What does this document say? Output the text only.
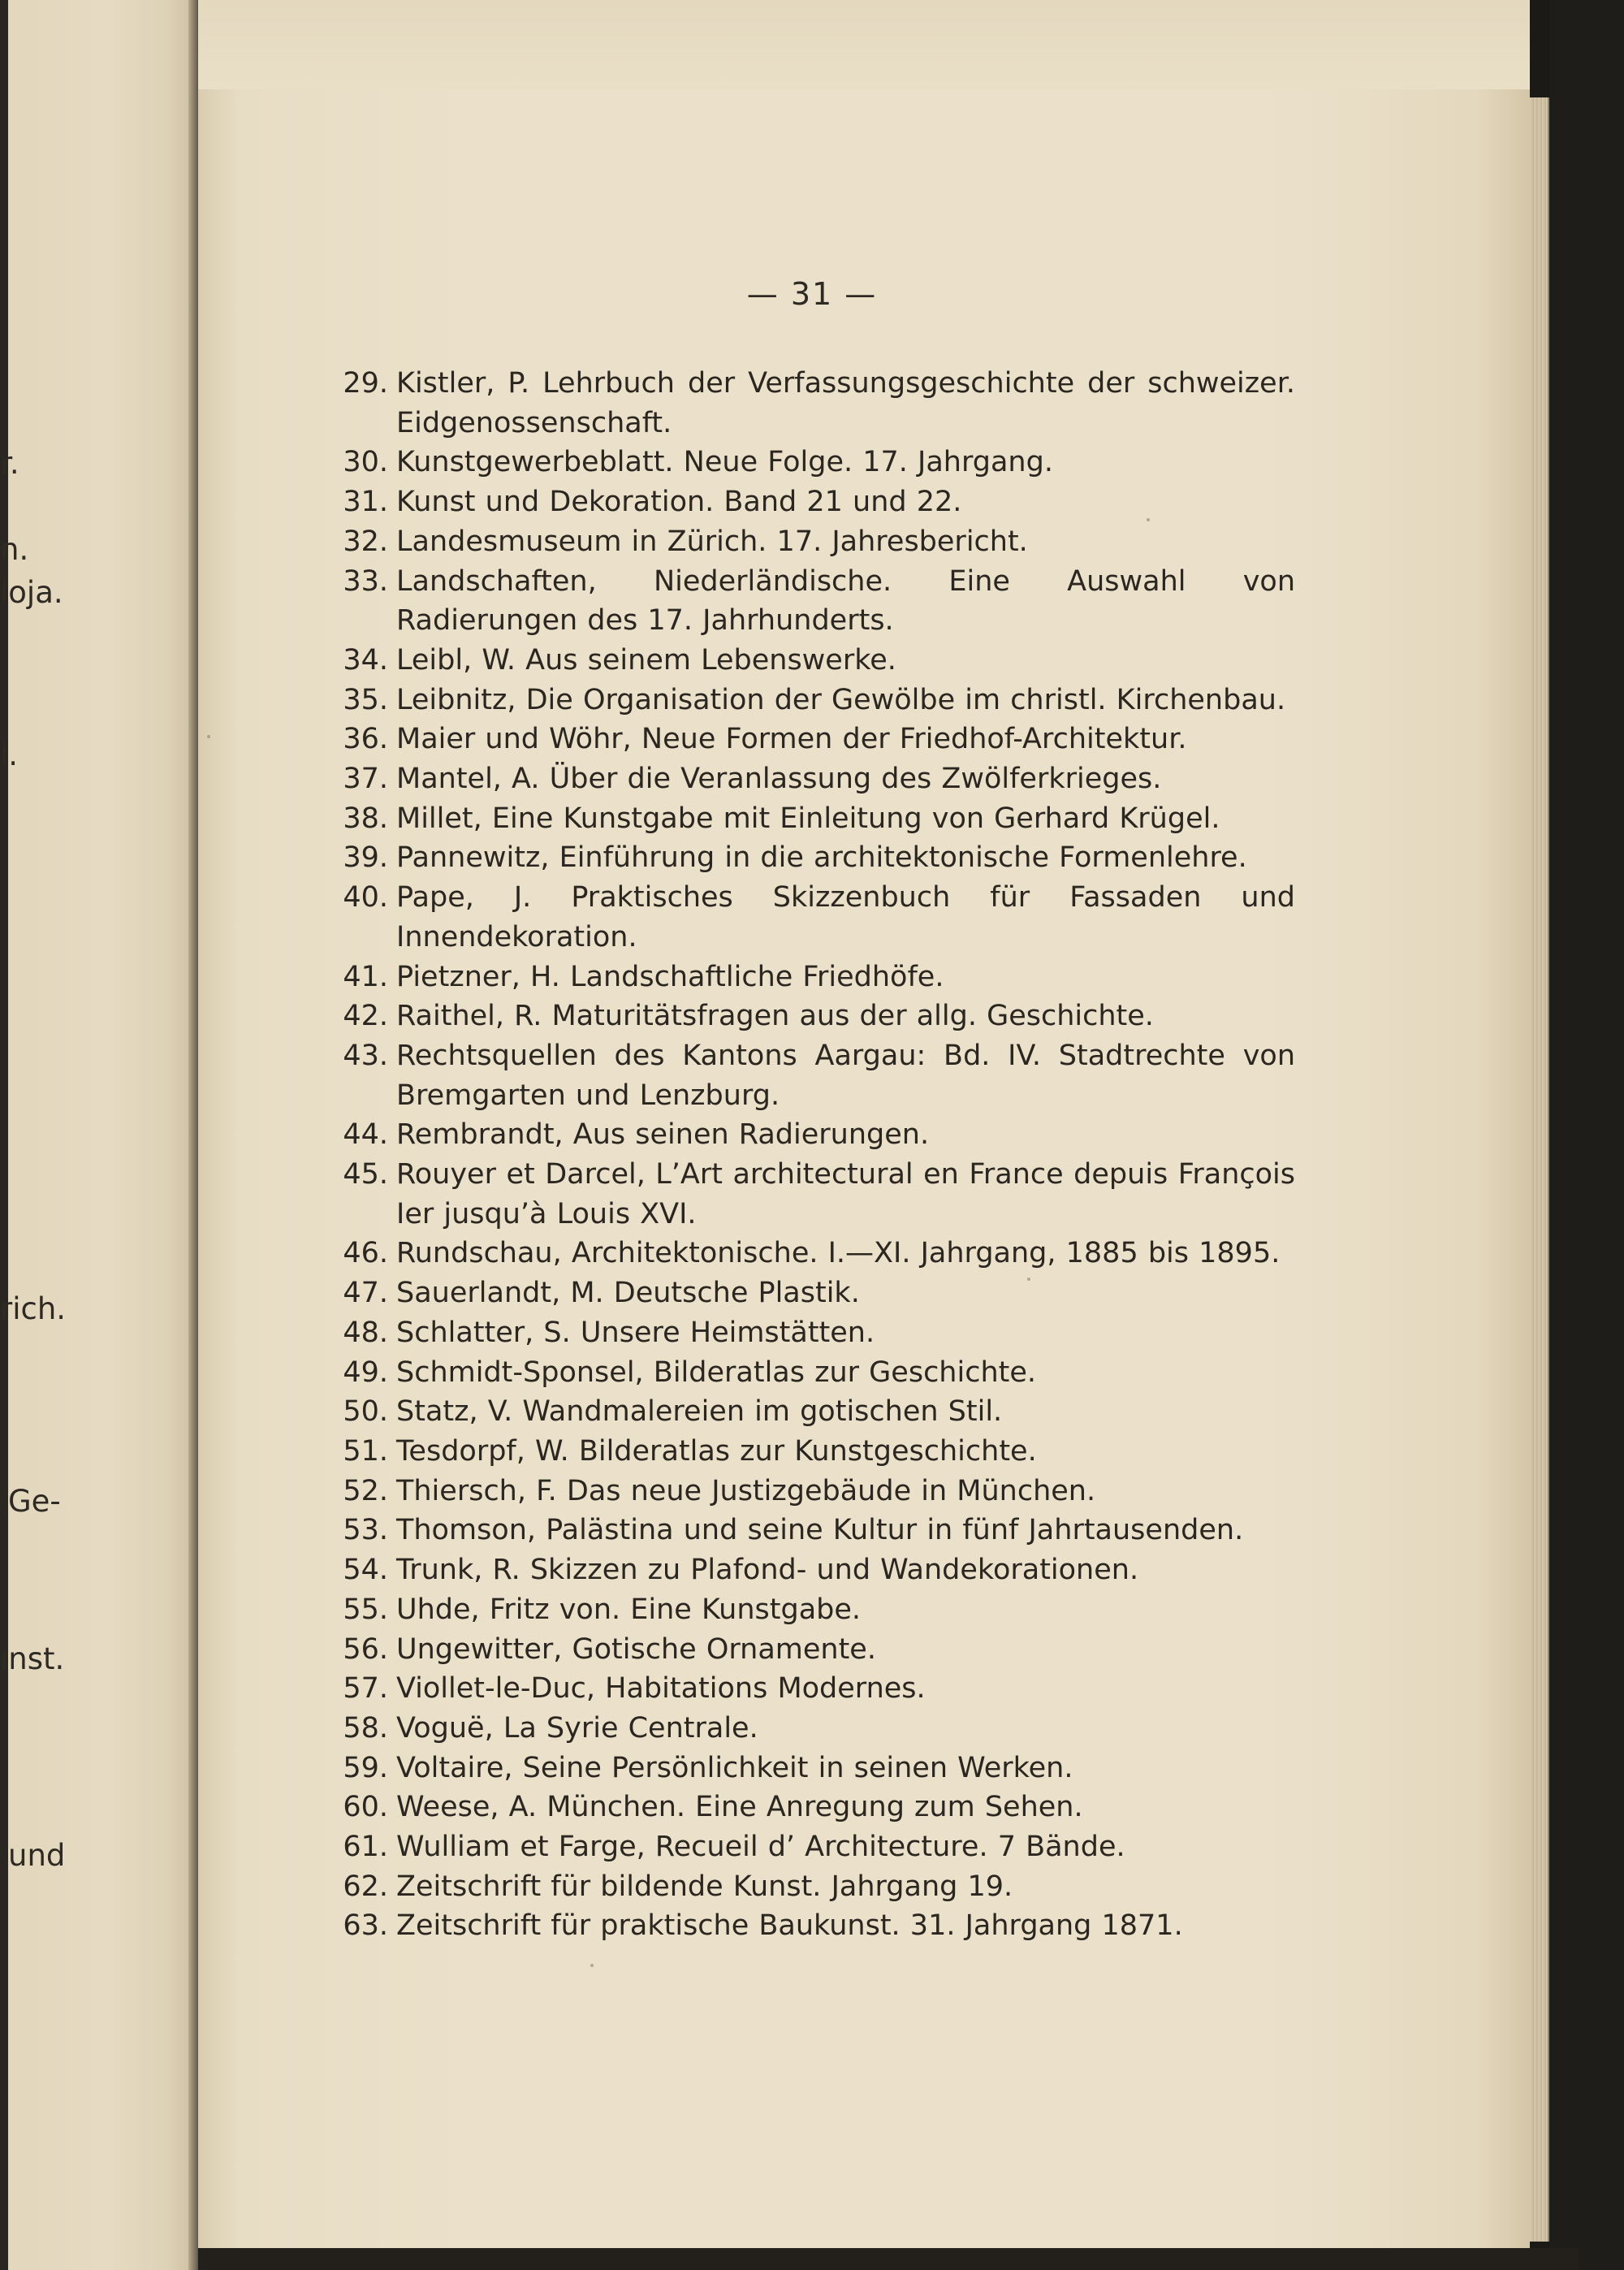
r.
n.
loja.
l.
rich.
Ge-
ınst.
und
— 31 —
29. Kistler, P. Lehrbuch der Verfassungsgeschichte der schweizer. Eidgenossenschaft.
30. Kunstgewerbeblatt. Neue Folge. 17. Jahrgang.
31. Kunst und Dekoration. Band 21 und 22.
32. Landesmuseum in Zürich. 17. Jahresbericht.
33. Landschaften, Niederländische. Eine Auswahl von Radierungen des 17. Jahrhunderts.
34. Leibl, W. Aus seinem Lebenswerke.
35. Leibnitz, Die Organisation der Gewölbe im christl. Kirchenbau.
36. Maier und Wöhr, Neue Formen der Friedhof-Architektur.
37. Mantel, A. Über die Veranlassung des Zwölferkrieges.
38. Millet, Eine Kunstgabe mit Einleitung von Gerhard Krügel.
39. Pannewitz, Einführung in die architektonische Formenlehre.
40. Pape, J. Praktisches Skizzenbuch für Fassaden und Innendekoration.
41. Pietzner, H. Landschaftliche Friedhöfe.
42. Raithel, R. Maturitätsfragen aus der allg. Geschichte.
43. Rechtsquellen des Kantons Aargau: Bd. IV. Stadtrechte von Bremgarten und Lenzburg.
44. Rembrandt, Aus seinen Radierungen.
45. Rouyer et Darcel, L’Art architectural en France depuis François Ier jusqu’à Louis XVI.
46. Rundschau, Architektonische. I.—XI. Jahrgang, 1885 bis 1895.
47. Sauerlandt, M. Deutsche Plastik.
48. Schlatter, S. Unsere Heimstätten.
49. Schmidt-Sponsel, Bilderatlas zur Geschichte.
50. Statz, V. Wandmalereien im gotischen Stil.
51. Tesdorpf, W. Bilderatlas zur Kunstgeschichte.
52. Thiersch, F. Das neue Justizgebäude in München.
53. Thomson, Palästina und seine Kultur in fünf Jahrtausenden.
54. Trunk, R. Skizzen zu Plafond- und Wandekorationen.
55. Uhde, Fritz von. Eine Kunstgabe.
56. Ungewitter, Gotische Ornamente.
57. Viollet-le-Duc, Habitations Modernes.
58. Voguë, La Syrie Centrale.
59. Voltaire, Seine Persönlichkeit in seinen Werken.
60. Weese, A. München. Eine Anregung zum Sehen.
61. Wulliam et Farge, Recueil d’ Architecture. 7 Bände.
62. Zeitschrift für bildende Kunst. Jahrgang 19.
63. Zeitschrift für praktische Baukunst. 31. Jahrgang 1871.
